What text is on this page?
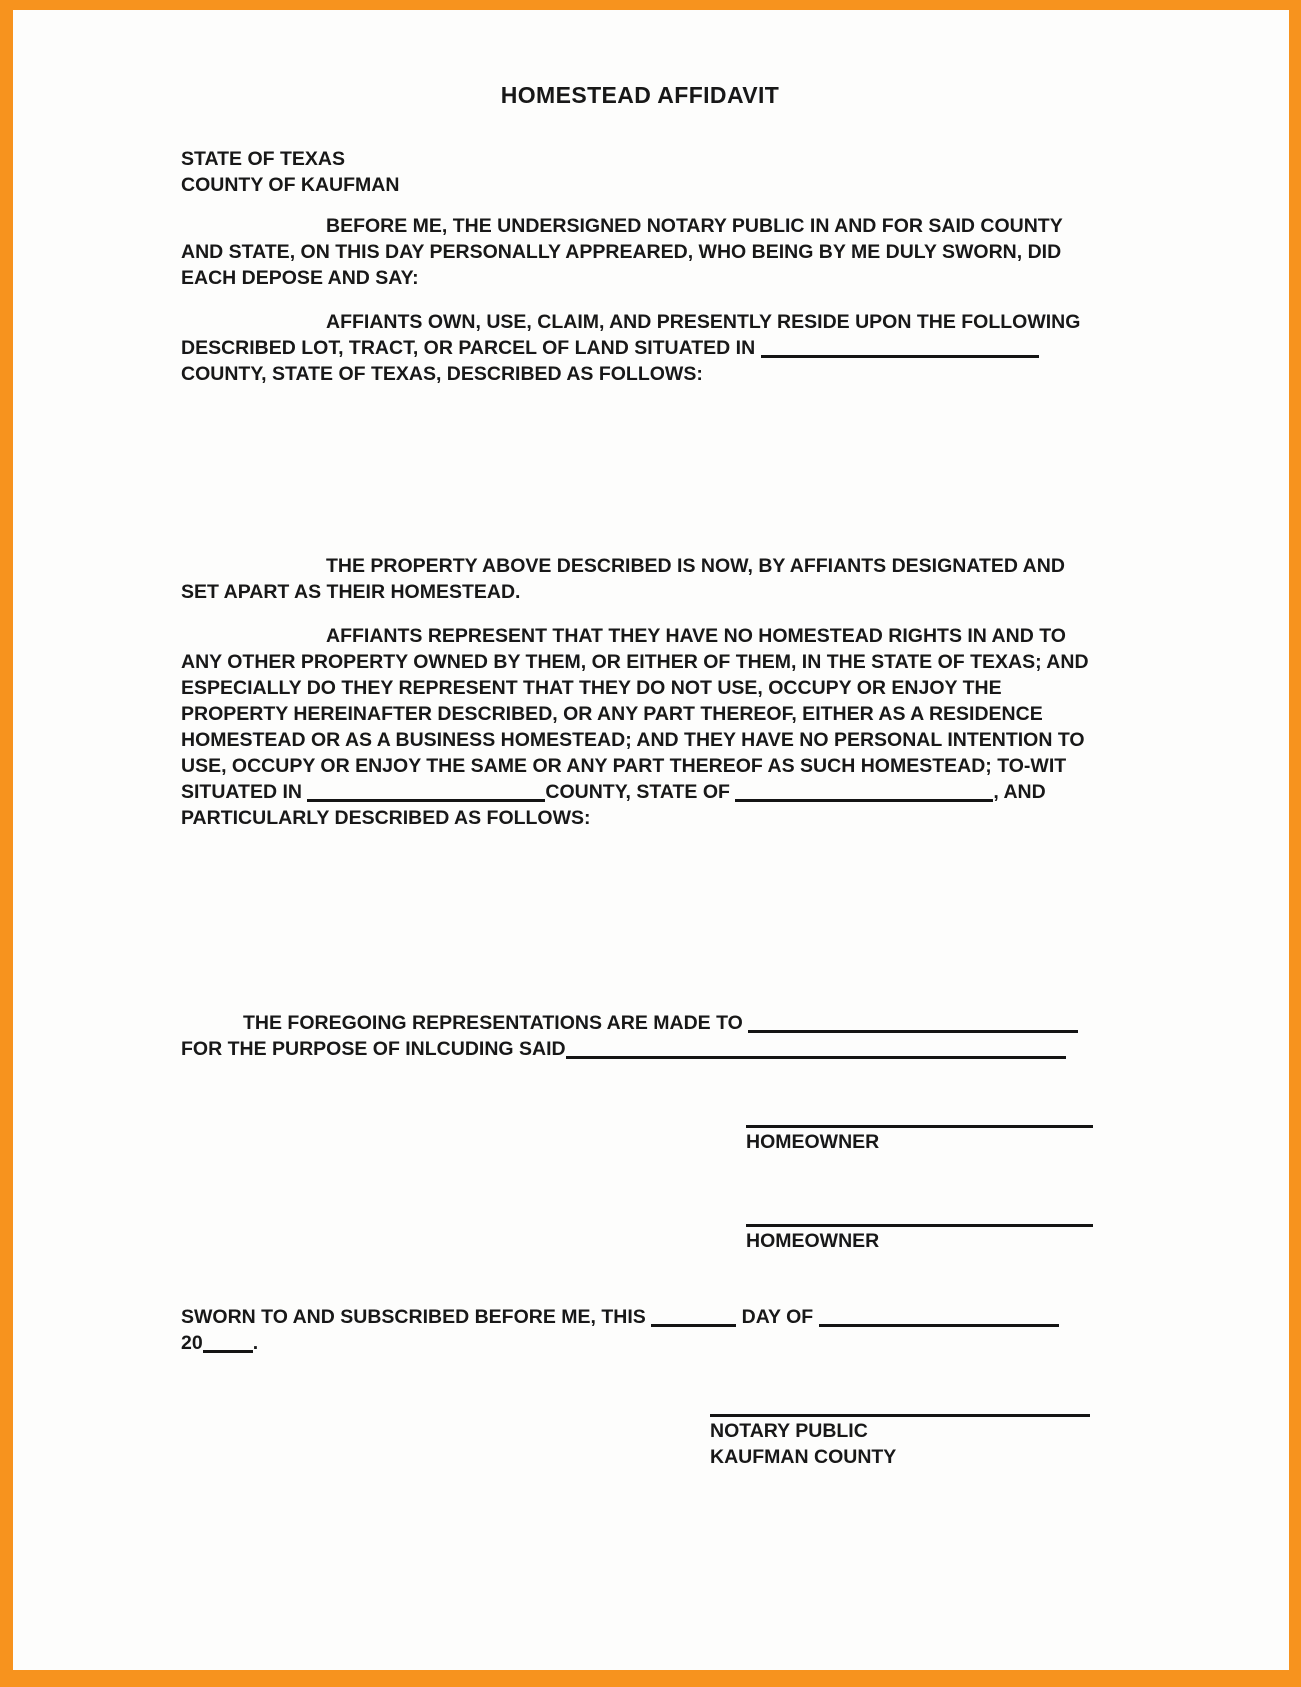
HOMESTEAD AFFIDAVIT
STATE OF TEXAS
COUNTY OF KAUFMAN
BEFORE ME, THE UNDERSIGNED NOTARY PUBLIC IN AND FOR SAID COUNTY
AND STATE, ON THIS DAY PERSONALLY APPREARED, WHO BEING BY ME DULY SWORN, DID
EACH DEPOSE AND SAY:
AFFIANTS OWN, USE, CLAIM, AND PRESENTLY RESIDE UPON THE FOLLOWING
DESCRIBED LOT, TRACT, OR PARCEL OF LAND SITUATED IN
COUNTY, STATE OF TEXAS, DESCRIBED AS FOLLOWS:
THE PROPERTY ABOVE DESCRIBED IS NOW, BY AFFIANTS DESIGNATED AND
SET APART AS THEIR HOMESTEAD.
AFFIANTS REPRESENT THAT THEY HAVE NO HOMESTEAD RIGHTS IN AND TO
ANY OTHER PROPERTY OWNED BY THEM, OR EITHER OF THEM, IN THE STATE OF TEXAS; AND
ESPECIALLY DO THEY REPRESENT THAT THEY DO NOT USE, OCCUPY OR ENJOY THE
PROPERTY HEREINAFTER DESCRIBED, OR ANY PART THEREOF, EITHER AS A RESIDENCE
HOMESTEAD OR AS A BUSINESS HOMESTEAD; AND THEY HAVE NO PERSONAL INTENTION TO
USE, OCCUPY OR ENJOY THE SAME OR ANY PART THEREOF AS SUCH HOMESTEAD; TO-WIT
SITUATED IN	COUNTY, STATE OF	, AND
PARTICULARLY DESCRIBED AS FOLLOWS:
THE FOREGOING REPRESENTATIONS ARE MADE TO
FOR THE PURPOSE OF INLCUDING SAID
HOMEOWNER
HOMEOWNER
SWORN TO AND SUBSCRIBED BEFORE ME, THIS	DAY OF
20	.
NOTARY PUBLIC
KAUFMAN COUNTY
